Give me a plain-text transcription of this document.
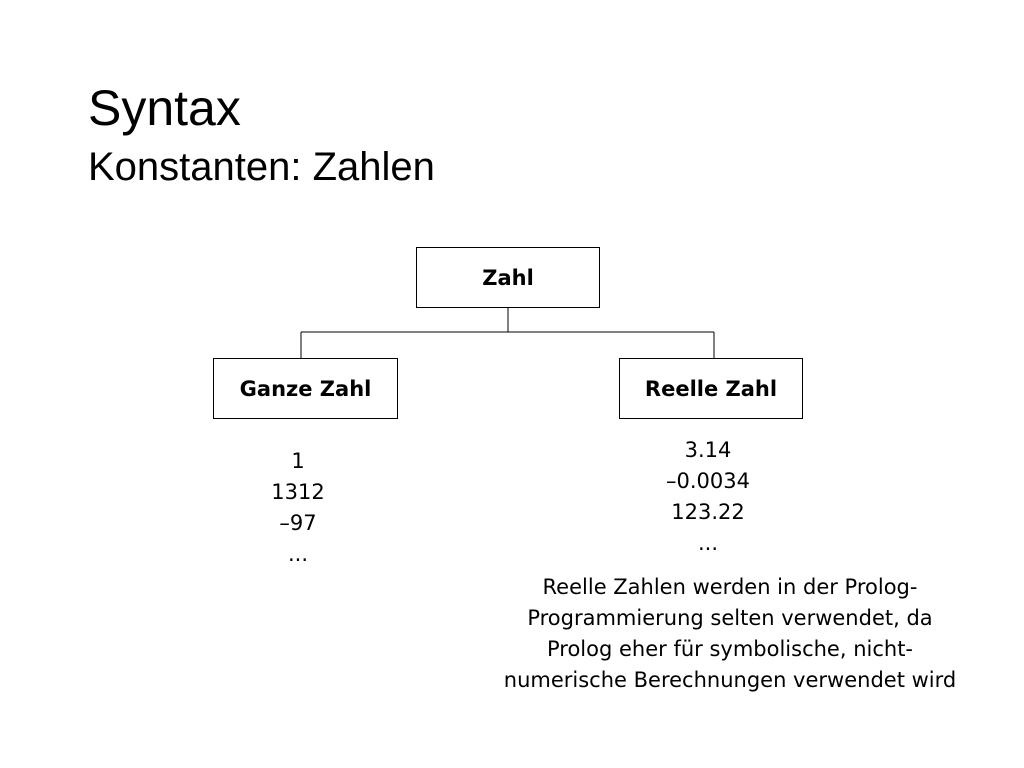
Syntax
Konstanten: Zahlen
Zahl
Ganze Zahl	Reelle Zahl
1
1312
–97
...
3.14
–0.0034
123.22
...
Reelle Zahlen werden in der Prolog-
Programmierung selten verwendet, da
Prolog eher für symbolische, nicht-
numerische Berechnungen verwendet wird
